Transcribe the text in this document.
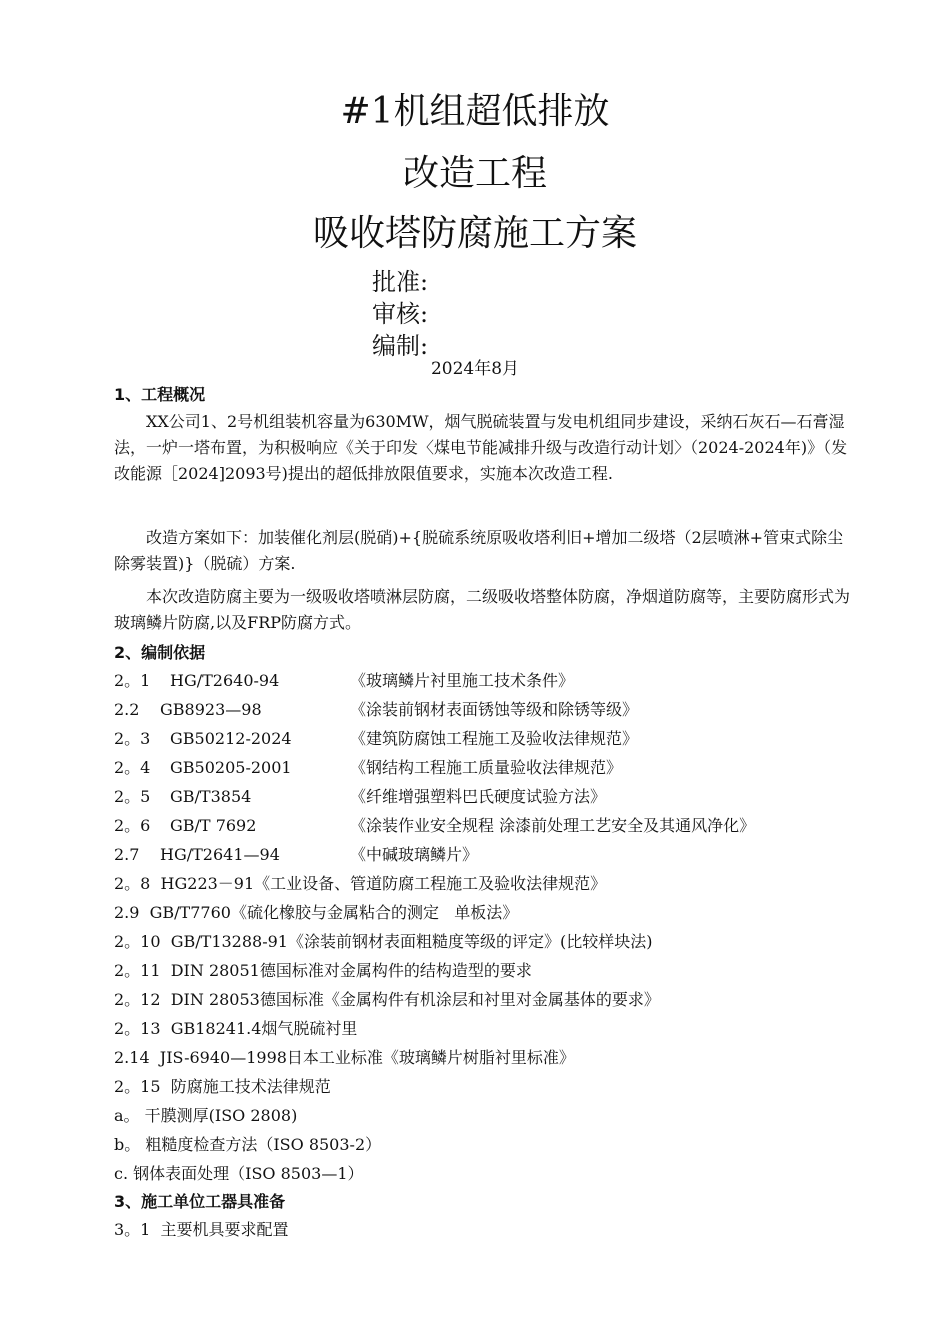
#1机组超低排放
改造工程
吸收塔防腐施工方案
批准:
审核:
编制:
2024年8月
1、工程概况

XX公司1、2号机组装机容量为630MW，烟气脱硫装置与发电机组同步建设，采纳石灰石—石膏湿法，一炉一塔布置，为积极响应《关于印发〈煤电节能减排升级与改造行动计划〉（2024-2024年)》（发改能源［2024]2093号)提出的超低排放限值要求，实施本次改造工程.

改造方案如下：加装催化剂层(脱硝)+{脱硫系统原吸收塔利旧+增加二级塔（2层喷淋+管束式除尘除雾装置)}（脱硫）方案.

本次改造防腐主要为一级吸收塔喷淋层防腐，二级吸收塔整体防腐，净烟道防腐等，主要防腐形式为玻璃鳞片防腐,以及FRP防腐方式。

2、编制依据
2。1 HG/T2640-94	《玻璃鳞片衬里施工技术条件》
2.2 GB8923—98	《涂装前钢材表面锈蚀等级和除锈等级》
2。3 GB50212-2024	《建筑防腐蚀工程施工及验收法律规范》
2。4 GB50205-2001	《钢结构工程施工质量验收法律规范》
2。5 GB/T3854	《纤维增强塑料巴氏硬度试验方法》
2。6 GB/T 7692	《涂装作业安全规程 涂漆前处理工艺安全及其通风净化》
2.7 HG/T2641—94	《中碱玻璃鳞片》
2。8  HG223－91《工业设备、管道防腐工程施工及验收法律规范》
2.9  GB/T7760《硫化橡胶与金属粘合的测定   单板法》
2。10  GB/T13288-91《涂装前钢材表面粗糙度等级的评定》(比较样块法)
2。11  DIN 28051德国标准对金属构件的结构造型的要求
2。12  DIN 28053德国标准《金属构件有机涂层和衬里对金属基体的要求》
2。13  GB18241.4烟气脱硫衬里
2.14  JIS-6940—1998日本工业标准《玻璃鳞片树脂衬里标准》
2。15  防腐施工技术法律规范
a。 干膜测厚(ISO 2808)
b。 粗糙度检查方法（ISO 8503-2）
c. 钢体表面处理（ISO 8503—1）
3、施工单位工器具准备
3。1  主要机具要求配置
